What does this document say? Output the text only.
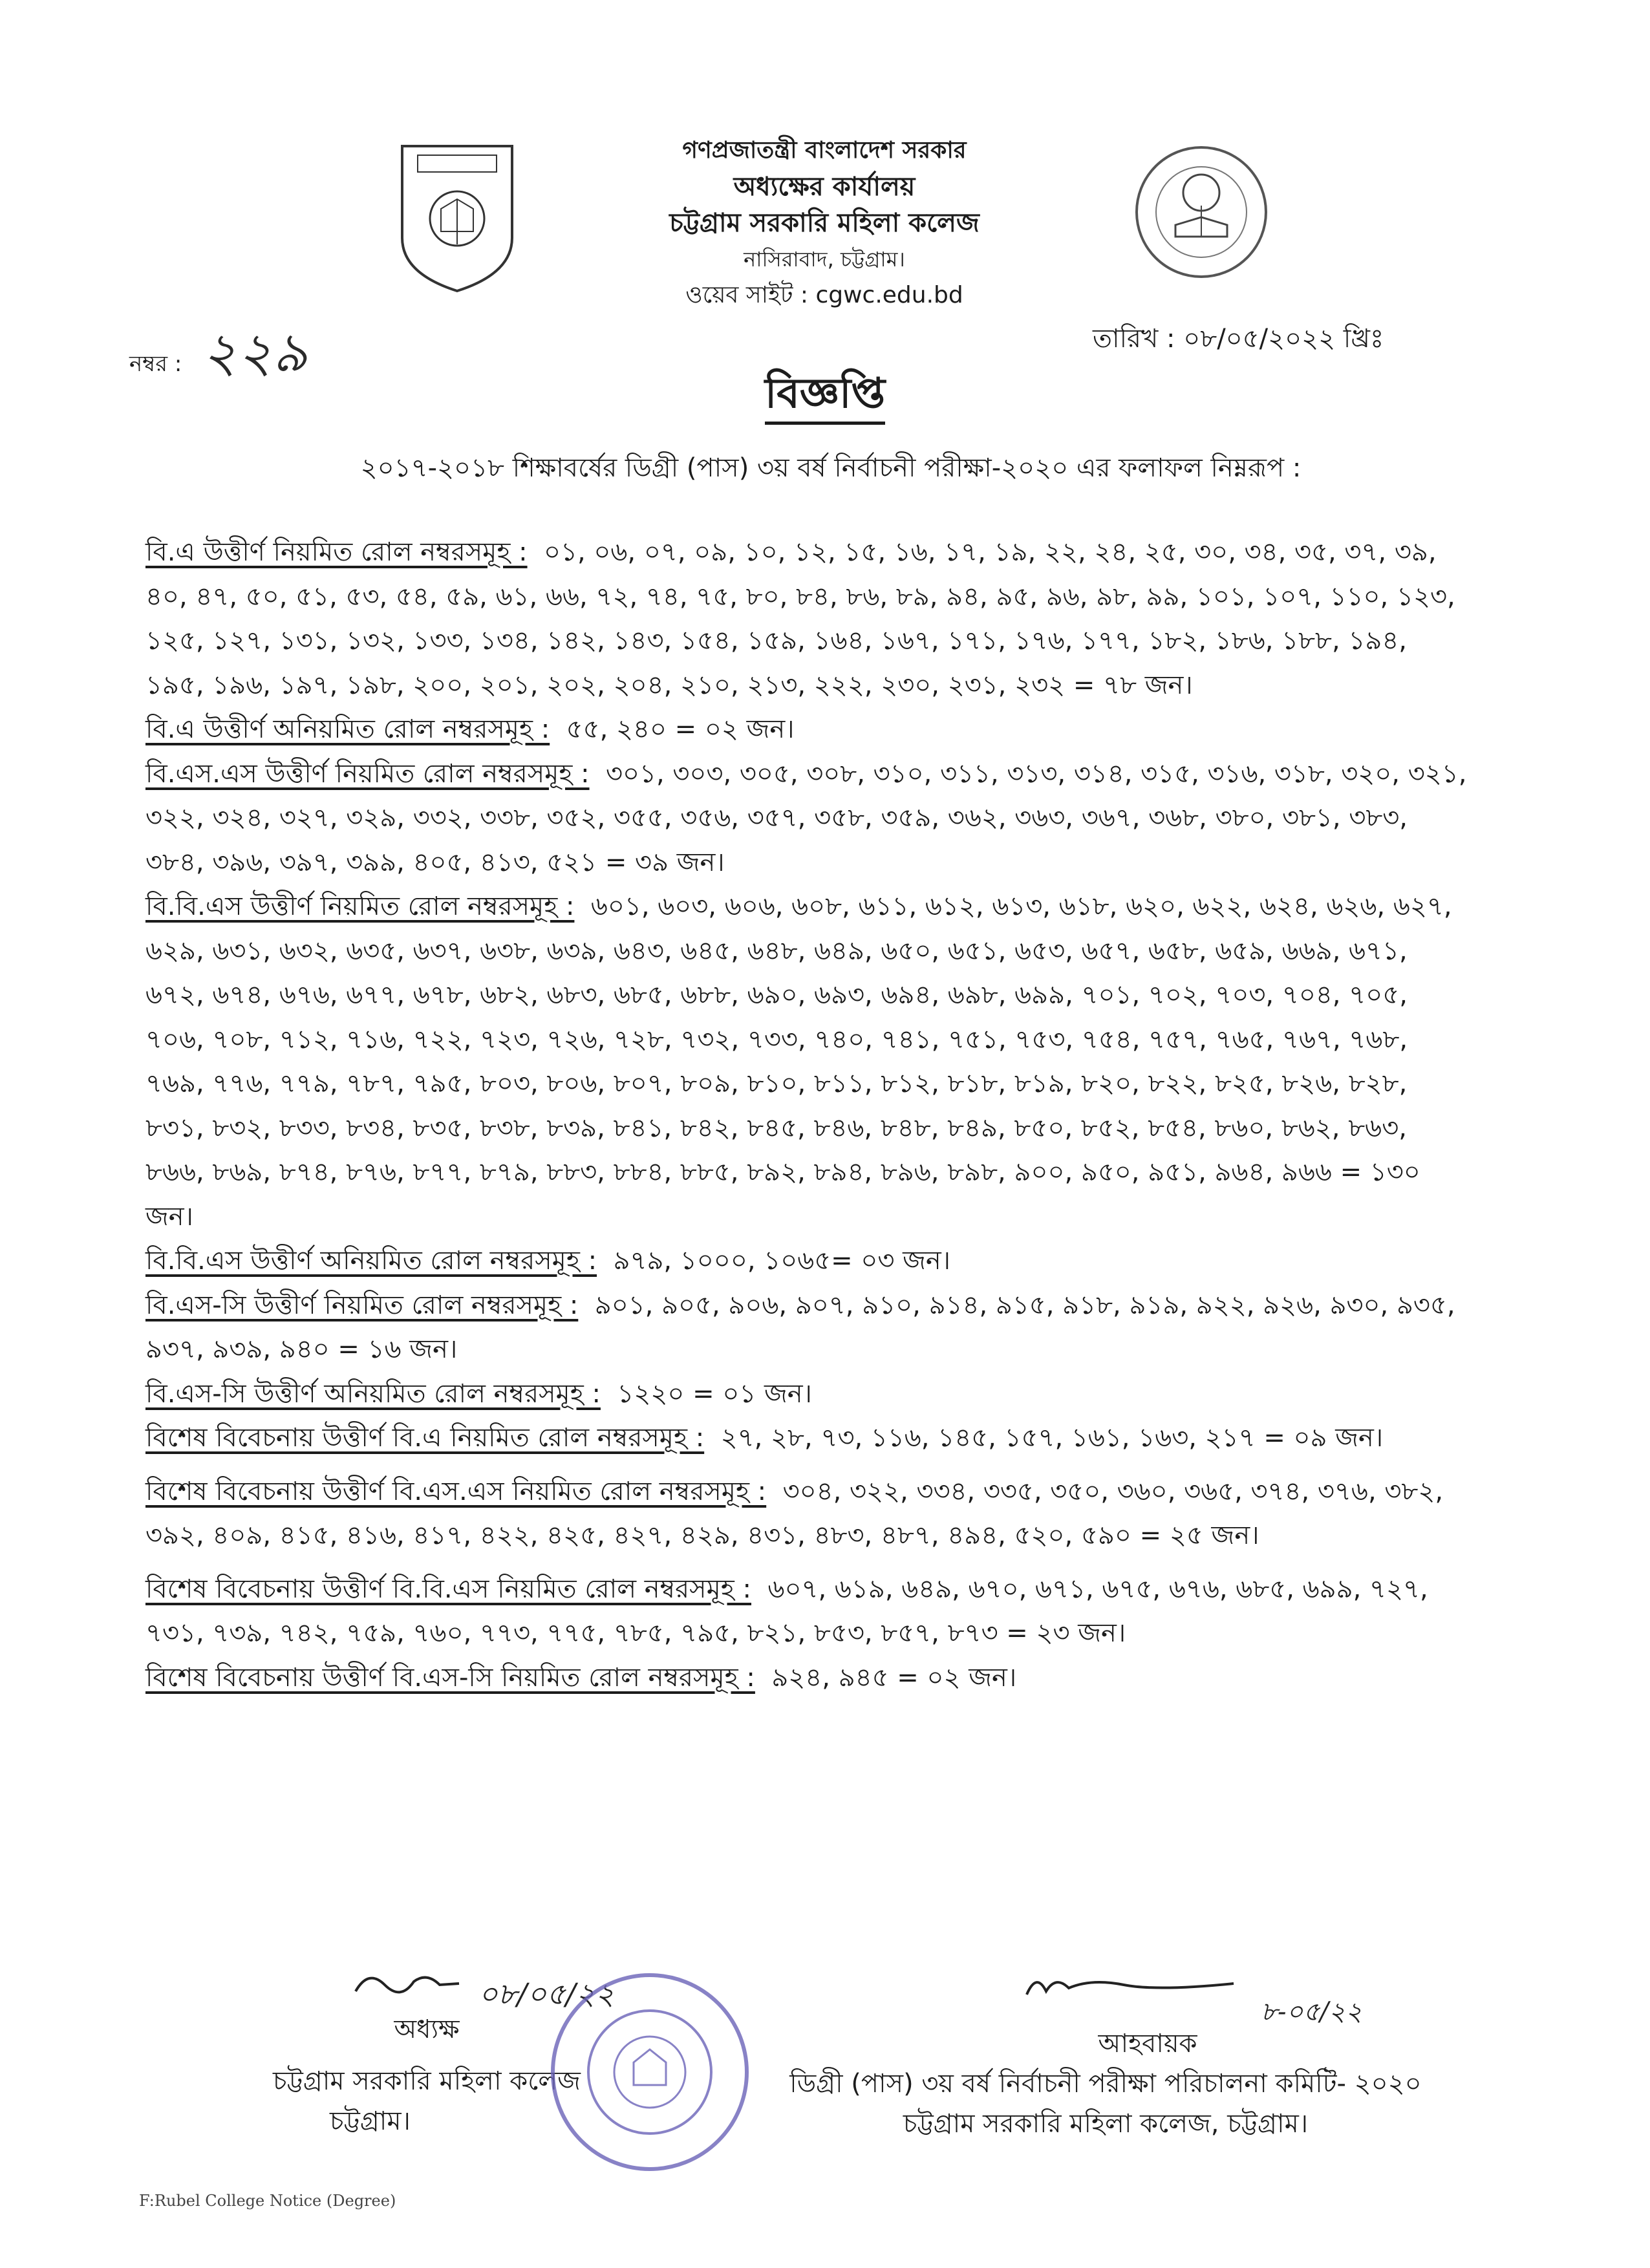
গণপ্রজাতন্ত্রী বাংলাদেশ সরকার
অধ্যক্ষের কার্যালয়
চট্টগ্রাম সরকারি মহিলা কলেজ
নাসিরাবাদ, চট্টগ্রাম।
ওয়েব সাইট : cgwc.edu.bd
নম্বর : ২২৯	তারিখ : ০৮/০৫/২০২২ খ্রিঃ
বিজ্ঞপ্তি
২০১৭-২০১৮ শিক্ষাবর্ষের ডিগ্রী (পাস) ৩য় বর্ষ নির্বাচনী পরীক্ষা-২০২০ এর ফলাফল নিম্নরূপ :

বি.এ উত্তীর্ণ নিয়মিত রোল নম্বরসমূহ : ০১, ০৬, ০৭, ০৯, ১০, ১২, ১৫, ১৬, ১৭, ১৯, ২২, ২৪, ২৫, ৩০, ৩৪, ৩৫, ৩৭, ৩৯, ৪০, ৪৭, ৫০, ৫১, ৫৩, ৫৪, ৫৯, ৬১, ৬৬, ৭২, ৭৪, ৭৫, ৮০, ৮৪, ৮৬, ৮৯, ৯৪, ৯৫, ৯৬, ৯৮, ৯৯, ১০১, ১০৭, ১১০, ১২৩, ১২৫, ১২৭, ১৩১, ১৩২, ১৩৩, ১৩৪, ১৪২, ১৪৩, ১৫৪, ১৫৯, ১৬৪, ১৬৭, ১৭১, ১৭৬, ১৭৭, ১৮২, ১৮৬, ১৮৮, ১৯৪, ১৯৫, ১৯৬, ১৯৭, ১৯৮, ২০০, ২০১, ২০২, ২০৪, ২১০, ২১৩, ২২২, ২৩০, ২৩১, ২৩২ = ৭৮ জন।

বি.এ উত্তীর্ণ অনিয়মিত রোল নম্বরসমূহ : ৫৫, ২৪০ = ০২ জন।

বি.এস.এস উত্তীর্ণ নিয়মিত রোল নম্বরসমূহ : ৩০১, ৩০৩, ৩০৫, ৩০৮, ৩১০, ৩১১, ৩১৩, ৩১৪, ৩১৫, ৩১৬, ৩১৮, ৩২০, ৩২১, ৩২২, ৩২৪, ৩২৭, ৩২৯, ৩৩২, ৩৩৮, ৩৫২, ৩৫৫, ৩৫৬, ৩৫৭, ৩৫৮, ৩৫৯, ৩৬২, ৩৬৩, ৩৬৭, ৩৬৮, ৩৮০, ৩৮১, ৩৮৩, ৩৮৪, ৩৯৬, ৩৯৭, ৩৯৯, ৪০৫, ৪১৩, ৫২১ = ৩৯ জন।

বি.বি.এস উত্তীর্ণ নিয়মিত রোল নম্বরসমূহ : ৬০১, ৬০৩, ৬০৬, ৬০৮, ৬১১, ৬১২, ৬১৩, ৬১৮, ৬২০, ৬২২, ৬২৪, ৬২৬, ৬২৭, ৬২৯, ৬৩১, ৬৩২, ৬৩৫, ৬৩৭, ৬৩৮, ৬৩৯, ৬৪৩, ৬৪৫, ৬৪৮, ৬৪৯, ৬৫০, ৬৫১, ৬৫৩, ৬৫৭, ৬৫৮, ৬৫৯, ৬৬৯, ৬৭১, ৬৭২, ৬৭৪, ৬৭৬, ৬৭৭, ৬৭৮, ৬৮২, ৬৮৩, ৬৮৫, ৬৮৮, ৬৯০, ৬৯৩, ৬৯৪, ৬৯৮, ৬৯৯, ৭০১, ৭০২, ৭০৩, ৭০৪, ৭০৫, ৭০৬, ৭০৮, ৭১২, ৭১৬, ৭২২, ৭২৩, ৭২৬, ৭২৮, ৭৩২, ৭৩৩, ৭৪০, ৭৪১, ৭৫১, ৭৫৩, ৭৫৪, ৭৫৭, ৭৬৫, ৭৬৭, ৭৬৮, ৭৬৯, ৭৭৬, ৭৭৯, ৭৮৭, ৭৯৫, ৮০৩, ৮০৬, ৮০৭, ৮০৯, ৮১০, ৮১১, ৮১২, ৮১৮, ৮১৯, ৮২০, ৮২২, ৮২৫, ৮২৬, ৮২৮, ৮৩১, ৮৩২, ৮৩৩, ৮৩৪, ৮৩৫, ৮৩৮, ৮৩৯, ৮৪১, ৮৪২, ৮৪৫, ৮৪৬, ৮৪৮, ৮৪৯, ৮৫০, ৮৫২, ৮৫৪, ৮৬০, ৮৬২, ৮৬৩, ৮৬৬, ৮৬৯, ৮৭৪, ৮৭৬, ৮৭৭, ৮৭৯, ৮৮৩, ৮৮৪, ৮৮৫, ৮৯২, ৮৯৪, ৮৯৬, ৮৯৮, ৯০০, ৯৫০, ৯৫১, ৯৬৪, ৯৬৬ = ১৩০ জন।

বি.বি.এস উত্তীর্ণ অনিয়মিত রোল নম্বরসমূহ : ৯৭৯, ১০০০, ১০৬৫= ০৩ জন।

বি.এস-সি উত্তীর্ণ নিয়মিত রোল নম্বরসমূহ : ৯০১, ৯০৫, ৯০৬, ৯০৭, ৯১০, ৯১৪, ৯১৫, ৯১৮, ৯১৯, ৯২২, ৯২৬, ৯৩০, ৯৩৫, ৯৩৭, ৯৩৯, ৯৪০ = ১৬ জন।

বি.এস-সি উত্তীর্ণ অনিয়মিত রোল নম্বরসমূহ : ১২২০ = ০১ জন।

বিশেষ বিবেচনায় উত্তীর্ণ বি.এ নিয়মিত রোল নম্বরসমূহ : ২৭, ২৮, ৭৩, ১১৬, ১৪৫, ১৫৭, ১৬১, ১৬৩, ২১৭ = ০৯ জন।

বিশেষ বিবেচনায় উত্তীর্ণ বি.এস.এস নিয়মিত রোল নম্বরসমূহ : ৩০৪, ৩২২, ৩৩৪, ৩৩৫, ৩৫০, ৩৬০, ৩৬৫, ৩৭৪, ৩৭৬, ৩৮২, ৩৯২, ৪০৯, ৪১৫, ৪১৬, ৪১৭, ৪২২, ৪২৫, ৪২৭, ৪২৯, ৪৩১, ৪৮৩, ৪৮৭, ৪৯৪, ৫২০, ৫৯০ = ২৫ জন।

বিশেষ বিবেচনায় উত্তীর্ণ বি.বি.এস নিয়মিত রোল নম্বরসমূহ : ৬০৭, ৬১৯, ৬৪৯, ৬৭০, ৬৭১, ৬৭৫, ৬৭৬, ৬৮৫, ৬৯৯, ৭২৭, ৭৩১, ৭৩৯, ৭৪২, ৭৫৯, ৭৬০, ৭৭৩, ৭৭৫, ৭৮৫, ৭৯৫, ৮২১, ৮৫৩, ৮৫৭, ৮৭৩ = ২৩ জন।

বিশেষ বিবেচনায় উত্তীর্ণ বি.এস-সি নিয়মিত রোল নম্বরসমূহ : ৯২৪, ৯৪৫ = ০২ জন।

০৮/০৫/২২
অধ্যক্ষ
চট্টগ্রাম সরকারি মহিলা কলেজ
চট্টগ্রাম।
৮-০৫/২২
আহবায়ক
ডিগ্রী (পাস) ৩য় বর্ষ নির্বাচনী পরীক্ষা পরিচালনা কমিটি- ২০২০
চট্টগ্রাম সরকারি মহিলা কলেজ, চট্টগ্রাম।
F:Rubel College Notice (Degree)
